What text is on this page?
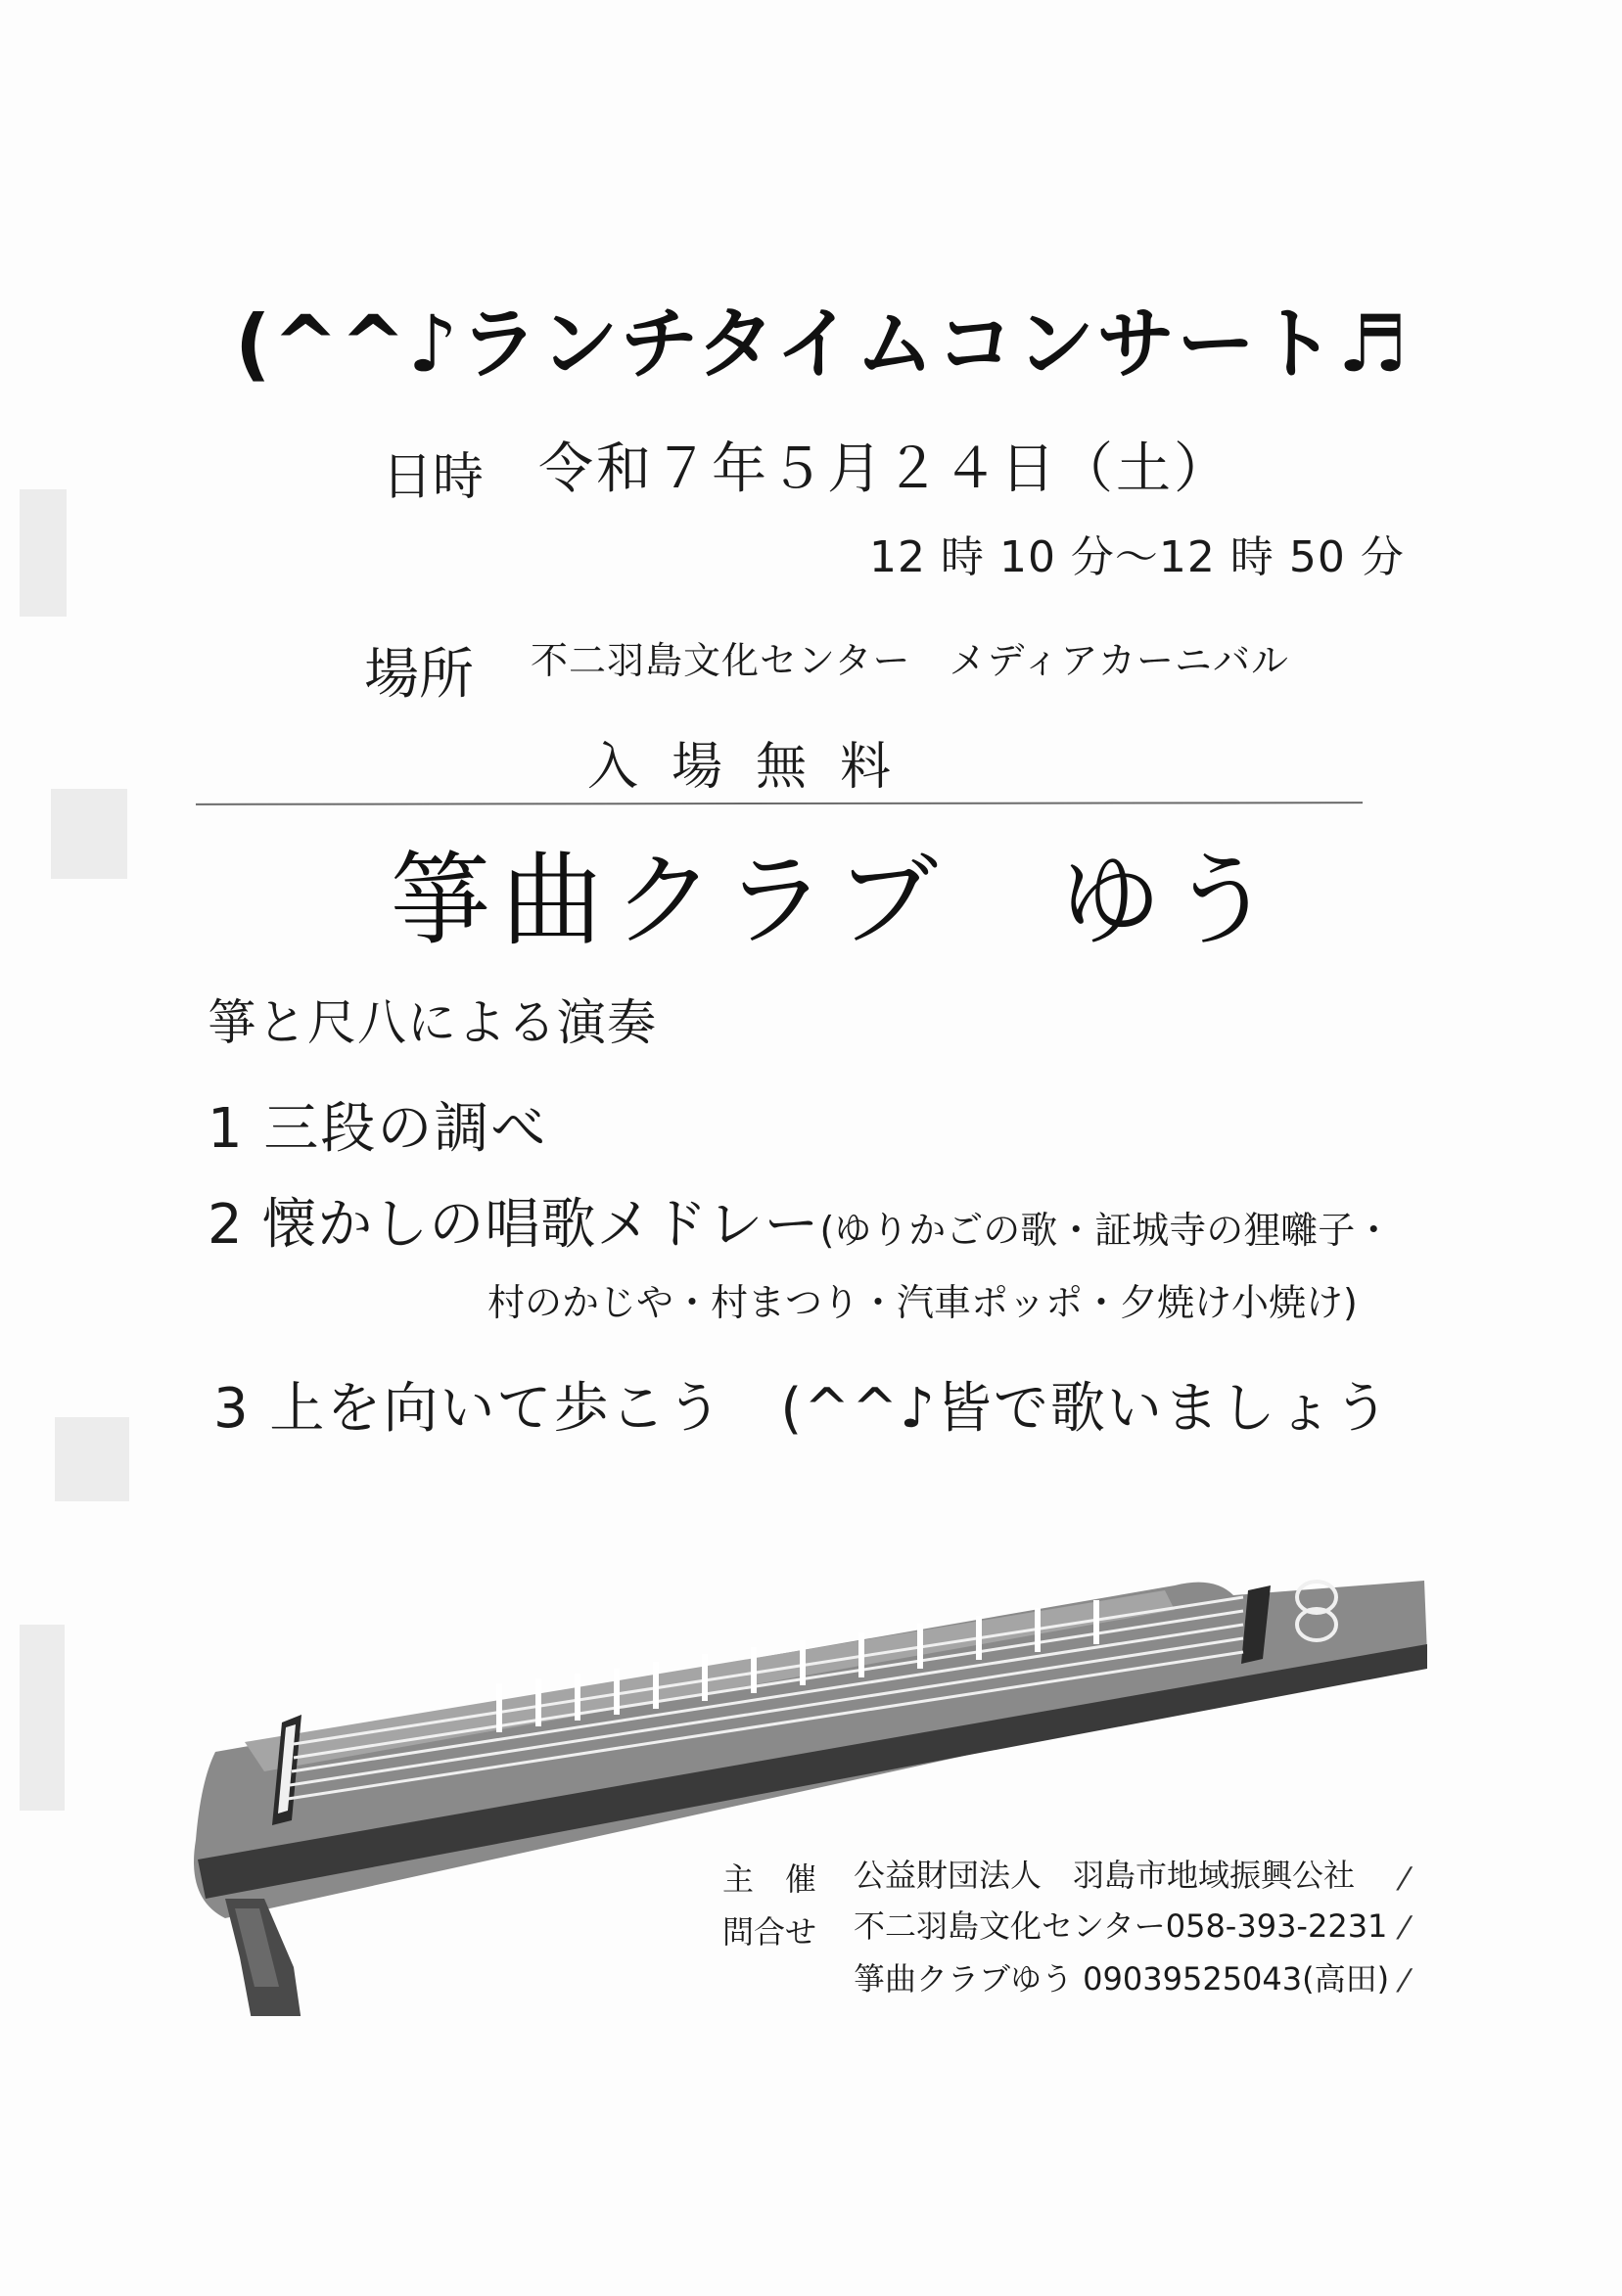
(^^♪ランチタイムコンサート♬
日時 令和７年５月２４日（土）
12 時 10 分～12 時 50 分
場所 不二羽島文化センター　メディアカーニバル
入場無料
箏曲クラブ　ゆう
箏と尺八による演奏
1 三段の調べ
2 懐かしの唱歌メドレー(ゆりかごの歌・証城寺の狸囃子・
村のかじや・村まつり・汽車ポッポ・夕焼け小焼け)
3 上を向いて歩こう　(^^♪皆で歌いましょう
主　催 公益財団法人　羽島市地域振興公社 ⁄
問合せ 不二羽島文化センター058-393-2231 ⁄
箏曲クラブゆう 09039525043(高田) ⁄
